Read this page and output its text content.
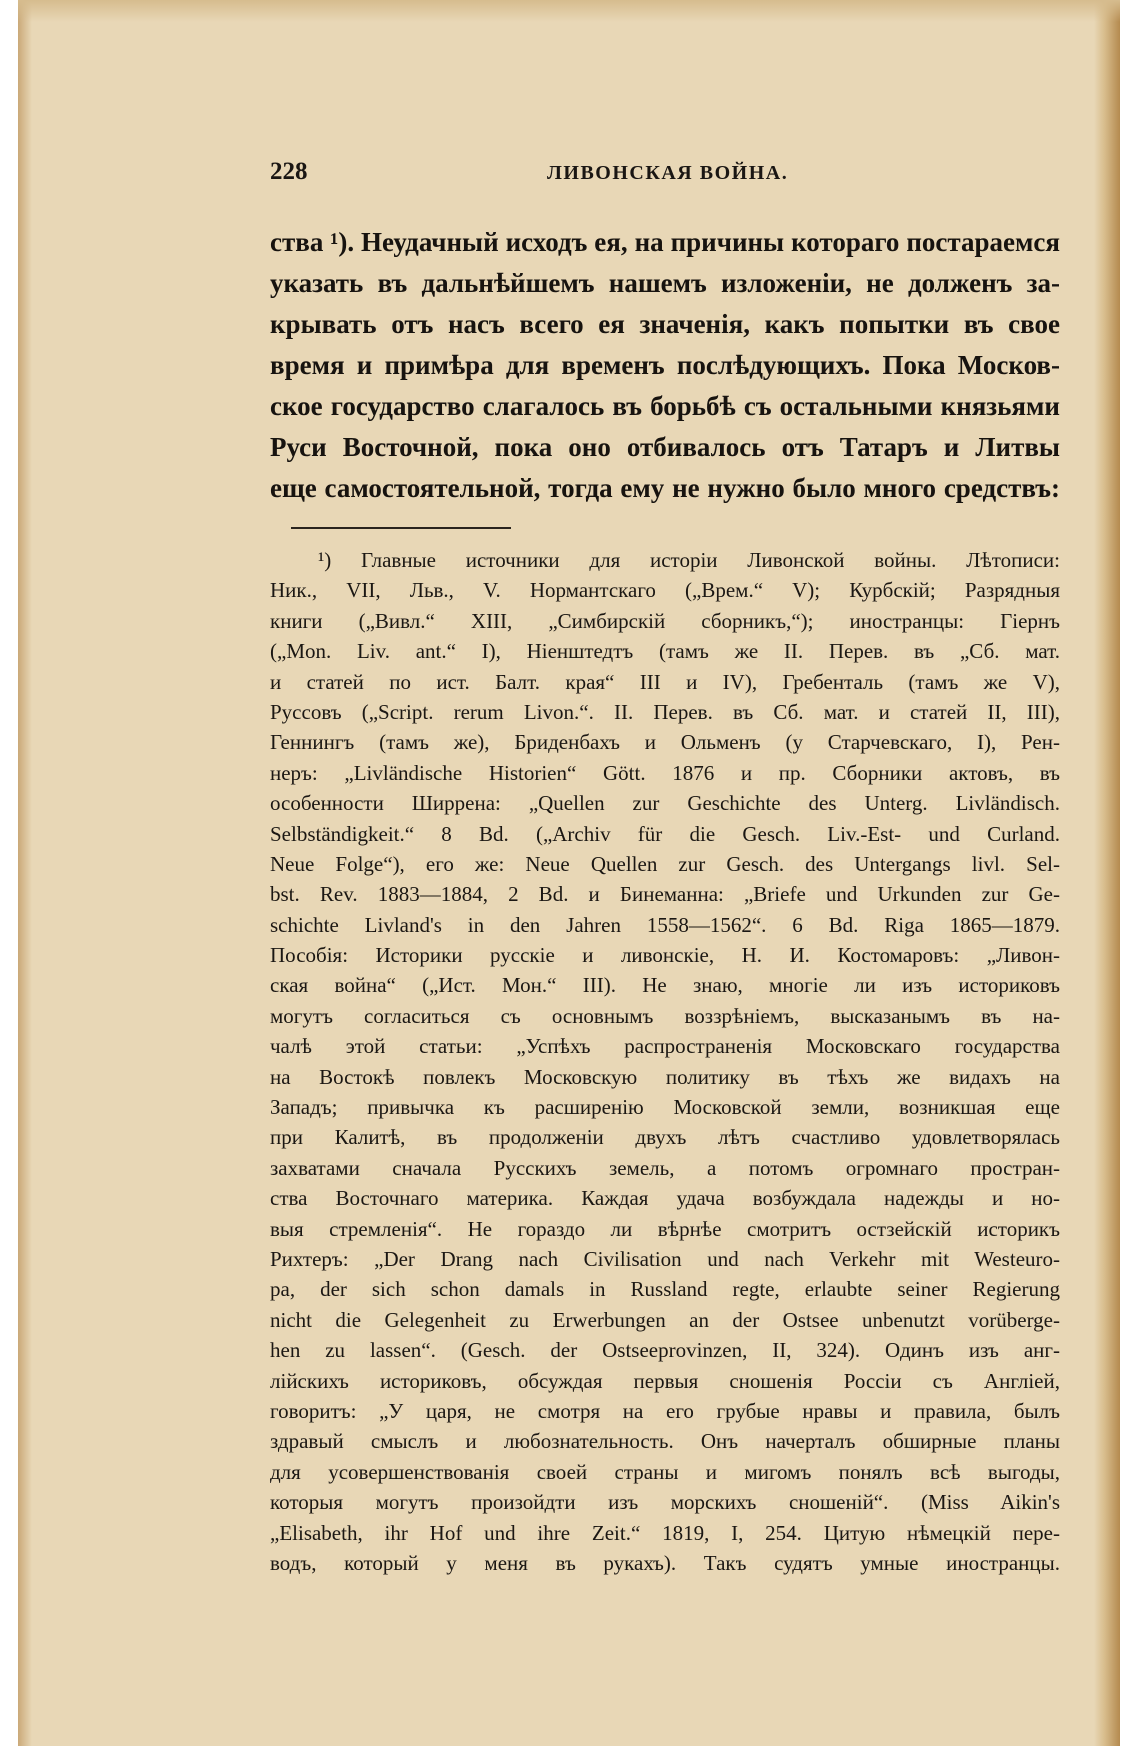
228	ЛИВОНСКАЯ ВОЙНА.
ства ¹). Неудачный исходъ ея, на причины котораго постараемся
указать въ дальнѣйшемъ нашемъ изложеніи, не долженъ за-
крывать отъ насъ всего ея значенія, какъ попытки въ свое
время и примѣра для временъ послѣдующихъ. Пока Москов-
ское государство слагалось въ борьбѣ съ остальными князьями
Руси Восточной, пока оно отбивалось отъ Татаръ и Литвы
еще самостоятельной, тогда ему не нужно было много средствъ:
¹) Главные источники для исторіи Ливонской войны. Лѣтописи:
Ник., VII, Льв., V. Нормантскаго („Врем.“ V); Курбскій; Разрядныя
книги („Вивл.“ XIII, „Симбирскій сборникъ,“); иностранцы: Гіернъ
(„Mon. Liv. ant.“ I), Ніенштедтъ (тамъ же II. Перев. въ „Сб. мат.
и статей по ист. Балт. края“ III и IV), Гребенталь (тамъ же V),
Руссовъ („Script. rerum Livon.“. II. Перев. въ Сб. мат. и статей II, III),
Геннингъ (тамъ же), Бриденбахъ и Ольменъ (у Старчевскаго, I), Рен-
неръ: „Livländische Historien“ Gött. 1876 и пр. Сборники актовъ, въ
особенности Ширрена: „Quellen zur Geschichte des Unterg. Livländisch.
Selbständigkeit.“ 8 Bd. („Archiv für die Gesch. Liv.-Est- und Curland.
Neue Folge“), его же: Neue Quellen zur Gesch. des Untergangs livl. Sel-
bst. Rev. 1883—1884, 2 Bd. и Бинеманна: „Briefe und Urkunden zur Ge-
schichte Livland's in den Jahren 1558—1562“. 6 Bd. Riga 1865—1879.
Пособія: Историки русскіе и ливонскіе, Н. И. Костомаровъ: „Ливон-
ская война“ („Ист. Мон.“ III). Не знаю, многіе ли изъ историковъ
могутъ согласиться съ основнымъ воззрѣніемъ, высказанымъ въ на-
чалѣ этой статьи: „Успѣхъ распространенія Московскаго государства
на Востокѣ повлекъ Московскую политику въ тѣхъ же видахъ на
Западъ; привычка къ расширенію Московской земли, возникшая еще
при Калитѣ, въ продолженіи двухъ лѣтъ счастливо удовлетворялась
захватами сначала Русскихъ земель, а потомъ огромнаго простран-
ства Восточнаго материка. Каждая удача возбуждала надежды и но-
выя стремленія“. Не гораздо ли вѣрнѣе смотритъ остзейскій историкъ
Рихтеръ: „Der Drang nach Civilisation und nach Verkehr mit Westeuro-
pa, der sich schon damals in Russland regte, erlaubte seiner Regierung
nicht die Gelegenheit zu Erwerbungen an der Ostsee unbenutzt vorüberge-
hen zu lassen“. (Gesch. der Ostseeprovinzen, II, 324). Одинъ изъ анг-
лійскихъ историковъ, обсуждая первыя сношенія Россіи съ Англіей,
говоритъ: „У царя, не смотря на его грубые нравы и правила, былъ
здравый смыслъ и любознательность. Онъ начерталъ обширные планы
для усовершенствованія своей страны и мигомъ понялъ всѣ выгоды,
которыя могутъ произойдти изъ морскихъ сношеній“. (Miss Aikin's
„Elisabeth, ihr Hof und ihre Zeit.“ 1819, I, 254. Цитую нѣмецкій пере-
водъ, который у меня въ рукахъ). Такъ судятъ умные иностранцы.
